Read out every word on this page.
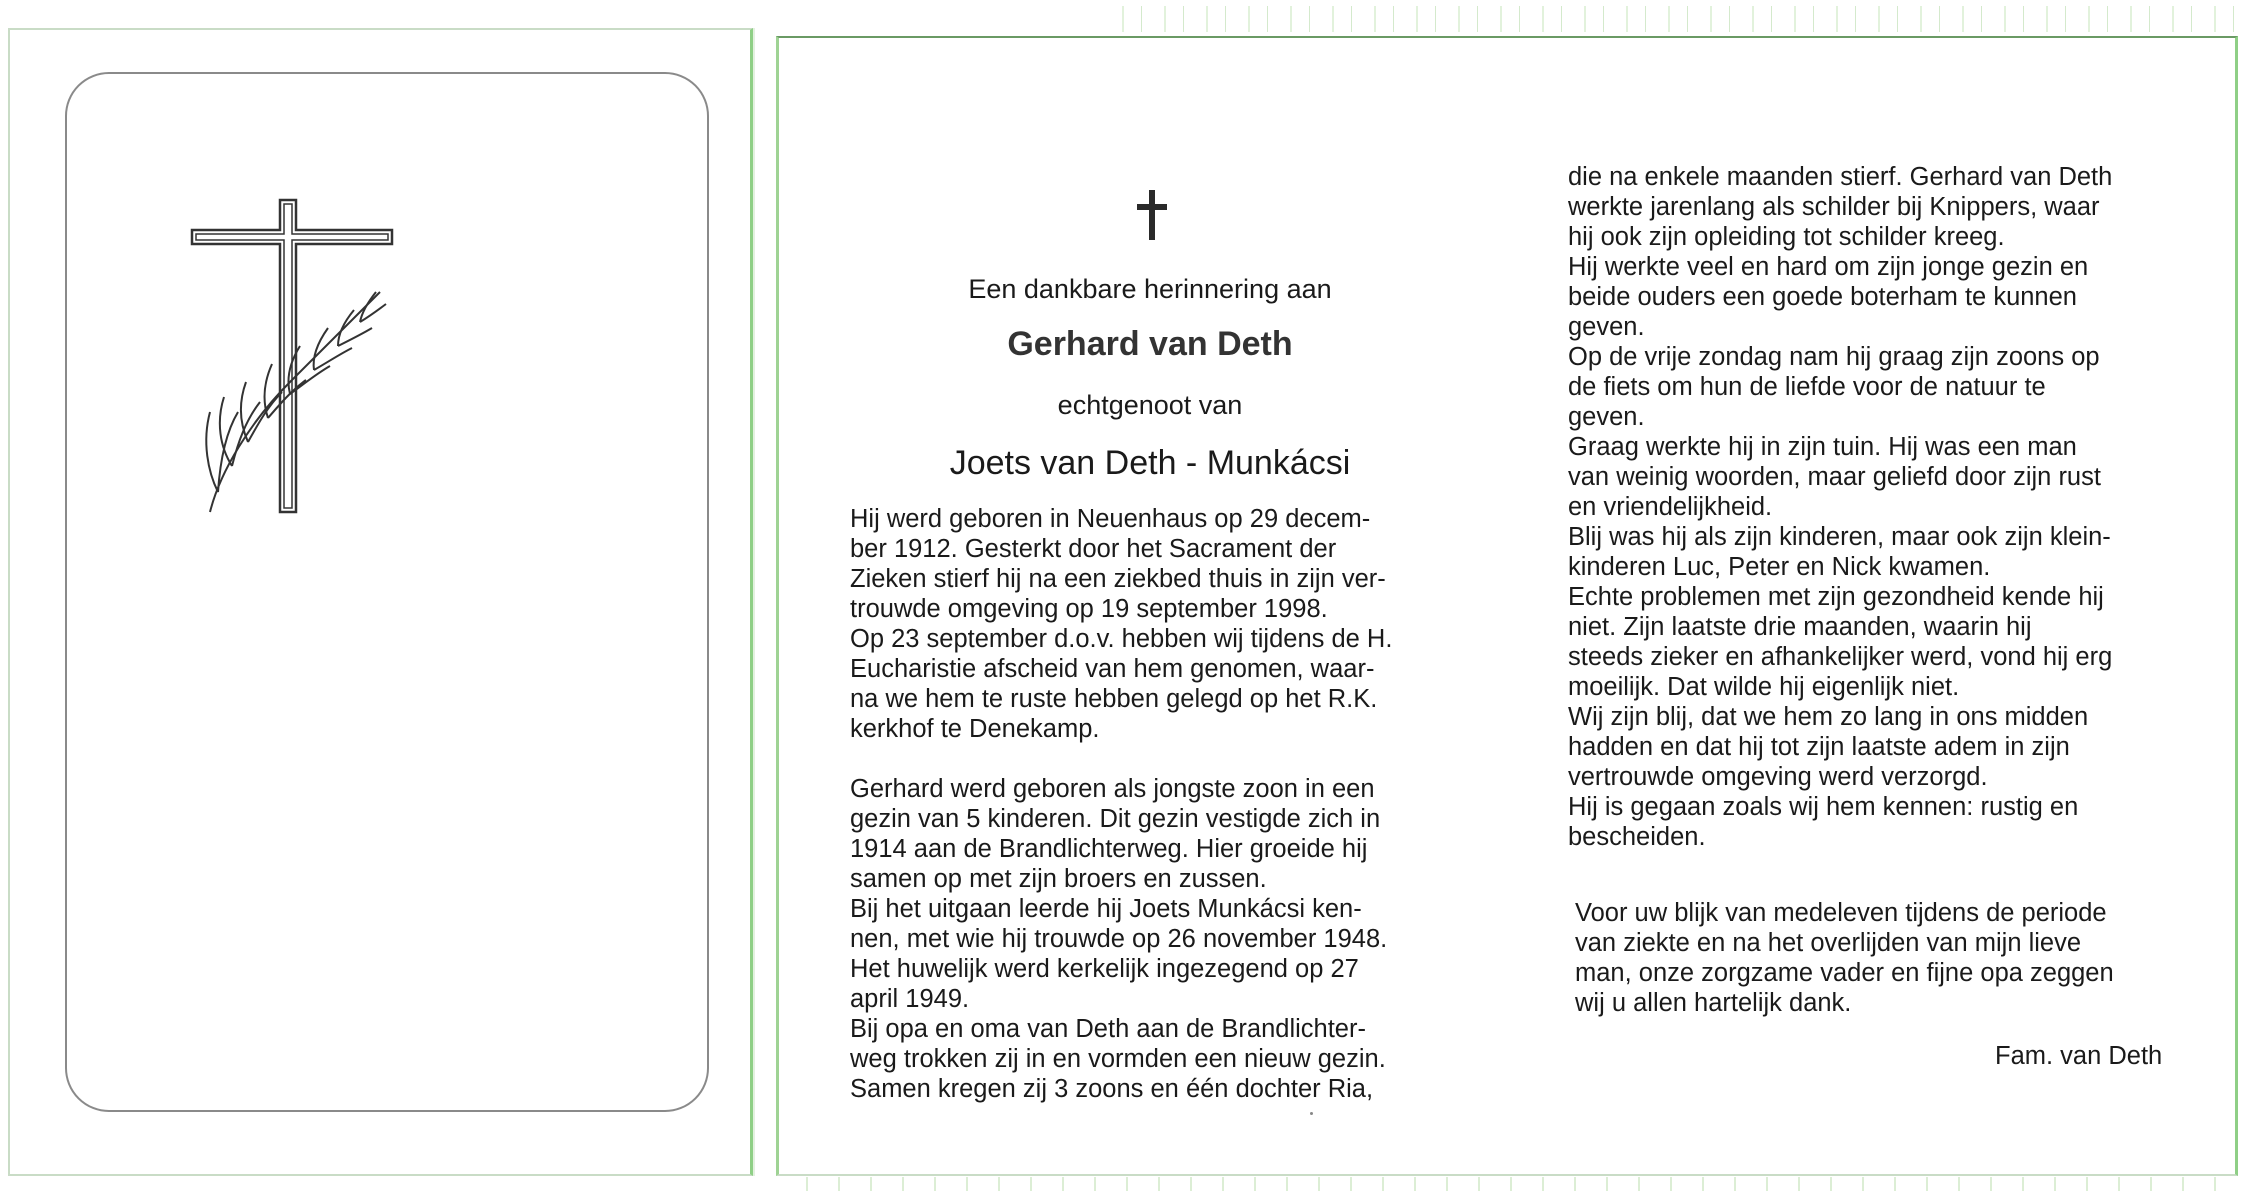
Een dankbare herinnering aan
Gerhard van Deth
echtgenoot van
Joets van Deth - Munkácsi
Hij werd geboren in Neuenhaus op 29 decem-
ber 1912. Gesterkt door het Sacrament der
Zieken stierf hij na een ziekbed thuis in zijn ver-
trouwde omgeving op 19 september 1998.
Op 23 september d.o.v. hebben wij tijdens de H.
Eucharistie afscheid van hem genomen, waar-
na we hem te ruste hebben gelegd op het R.K.
kerkhof te Denekamp.
Gerhard werd geboren als jongste zoon in een
gezin van 5 kinderen. Dit gezin vestigde zich in
1914 aan de Brandlichterweg. Hier groeide hij
samen op met zijn broers en zussen.
Bij het uitgaan leerde hij Joets Munkácsi ken-
nen, met wie hij trouwde op 26 november 1948.
Het huwelijk werd kerkelijk ingezegend op 27
april 1949.
Bij opa en oma van Deth aan de Brandlichter-
weg trokken zij in en vormden een nieuw gezin.
Samen kregen zij 3 zoons en één dochter Ria,
die na enkele maanden stierf. Gerhard van Deth
werkte jarenlang als schilder bij Knippers, waar
hij ook zijn opleiding tot schilder kreeg.
Hij werkte veel en hard om zijn jonge gezin en
beide ouders een goede boterham te kunnen
geven.
Op de vrije zondag nam hij graag zijn zoons op
de fiets om hun de liefde voor de natuur te
geven.
Graag werkte hij in zijn tuin. Hij was een man
van weinig woorden, maar geliefd door zijn rust
en vriendelijkheid.
Blij was hij als zijn kinderen, maar ook zijn klein-
kinderen Luc, Peter en Nick kwamen.
Echte problemen met zijn gezondheid kende hij
niet. Zijn laatste drie maanden, waarin hij
steeds zieker en afhankelijker werd, vond hij erg
moeilijk. Dat wilde hij eigenlijk niet.
Wij zijn blij, dat we hem zo lang in ons midden
hadden en dat hij tot zijn laatste adem in zijn
vertrouwde omgeving werd verzorgd.
Hij is gegaan zoals wij hem kennen: rustig en
bescheiden.
Voor uw blijk van medeleven tijdens de periode
van ziekte en na het overlijden van mijn lieve
man, onze zorgzame vader en fijne opa zeggen
wij u allen hartelijk dank.
Fam. van Deth
